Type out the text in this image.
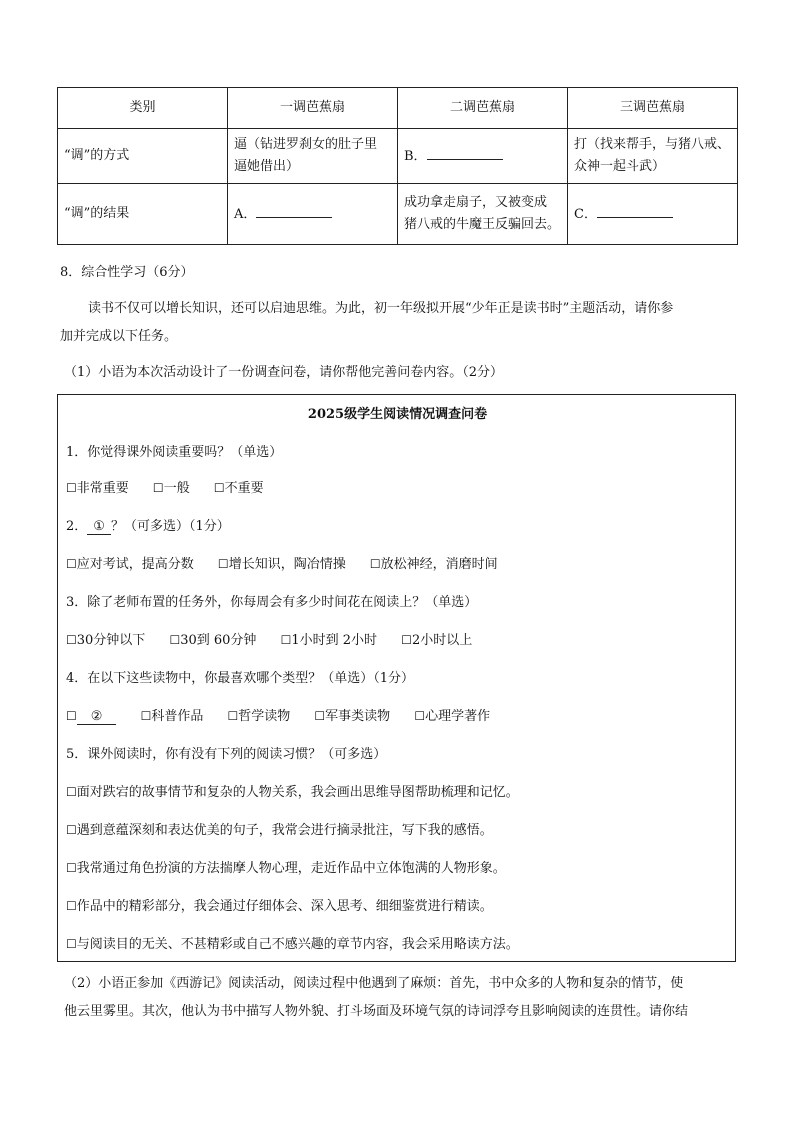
类别	一调芭蕉扇	二调芭蕉扇	三调芭蕉扇
“调”的方式	逼（钻进罗刹女的肚子里
逼她借出）	B．	打（找来帮手，与猪八戒、
众神一起斗武）
“调”的结果	A．	成功拿走扇子，又被变成
猪八戒的牛魔王反骗回去。	C．
8．综合性学习（6分）
读书不仅可以增长知识，还可以启迪思维。为此，初一年级拟开展“少年正是读书时”主题活动，请你参
加并完成以下任务。
（1）小语为本次活动设计了一份调查问卷，请你帮他完善问卷内容。（2分）
2025级学生阅读情况调查问卷
1．你觉得课外阅读重要吗？（单选）
☐非常重要 ☐一般 ☐不重要
2． ① ？（可多选）（1分）
☐应对考试，提高分数 ☐增长知识，陶冶情操 ☐放松神经，消磨时间
3．除了老师布置的任务外，你每周会有多少时间花在阅读上？（单选）
☐30分钟以下 ☐30到 60分钟 ☐1小时到 2小时 ☐2小时以上
4．在以下这些读物中，你最喜欢哪个类型？（单选）（1分）
☐ ②	☐科普作品 ☐哲学读物 ☐军事类读物 ☐心理学著作
5．课外阅读时，你有没有下列的阅读习惯？（可多选）
☐面对跌宕的故事情节和复杂的人物关系，我会画出思维导图帮助梳理和记忆。
☐遇到意蕴深刻和表达优美的句子，我常会进行摘录批注，写下我的感悟。
☐我常通过角色扮演的方法揣摩人物心理，走近作品中立体饱满的人物形象。
☐作品中的精彩部分，我会通过仔细体会、深入思考、细细鉴赏进行精读。
☐与阅读目的无关、不甚精彩或自己不感兴趣的章节内容，我会采用略读方法。
（2）小语正参加《西游记》阅读活动，阅读过程中他遇到了麻烦：首先，书中众多的人物和复杂的情节，使
他云里雾里。其次，他认为书中描写人物外貌、打斗场面及环境气氛的诗词浮夸且影响阅读的连贯性。请你结
